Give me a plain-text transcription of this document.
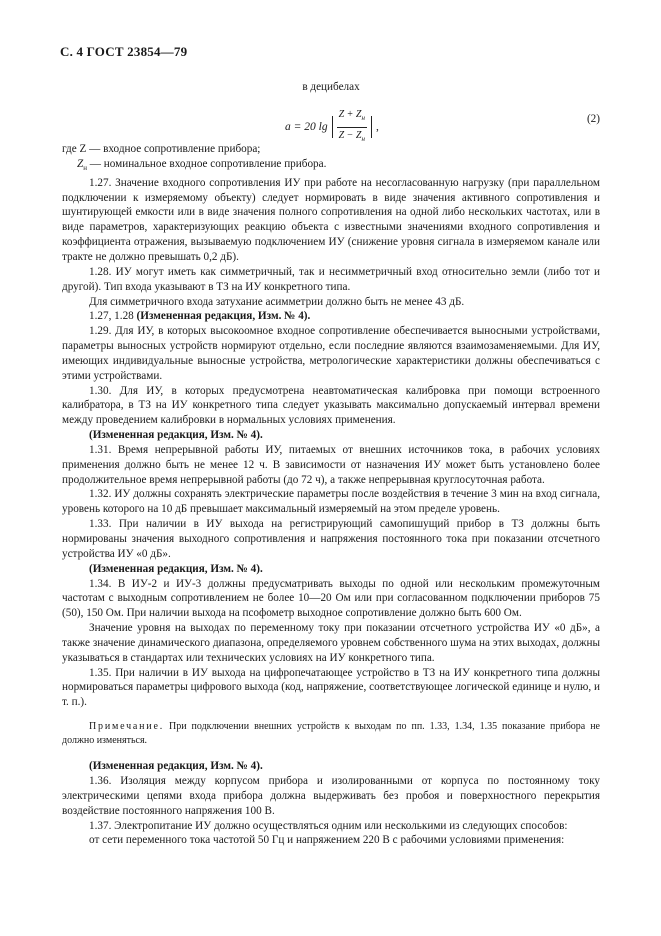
С. 4 ГОСТ 23854—79

в децибелах

a = 20 $\lg \frac{Z + Z_н}{Z - Z_н}$ ,
(2)

где Z — входное сопротивление прибора;

$Z_н$ — номинальное входное сопротивление прибора.

1.27. Значение входного сопротивления ИУ при работе на несогласованную нагрузку (при параллельном подключении к измеряемому объекту) следует нормировать в виде значения активного сопротивления и шунтирующей емкости или в виде значения полного сопротивления на одной либо нескольких частотах, или в виде параметров, характеризующих реакцию объекта с известными значениями входного сопротивления и коэффициента отражения, вызываемую подключением ИУ (снижение уровня сигнала в измеряемом канале или тракте не должно превышать 0,2 дБ).

1.28. ИУ могут иметь как симметричный, так и несимметричный вход относительно земли (либо тот и другой). Тип входа указывают в ТЗ на ИУ конкретного типа.

Для симметричного входа затухание асимметрии должно быть не менее 43 дБ.

1.27, 1.28 (Измененная редакция, Изм. № 4).

1.29. Для ИУ, в которых высокоомное входное сопротивление обеспечивается выносными устройствами, параметры выносных устройств нормируют отдельно, если последние являются взаимозаменяемыми. Для ИУ, имеющих индивидуальные выносные устройства, метрологические характеристики должны обеспечиваться с этими устройствами.

1.30. Для ИУ, в которых предусмотрена неавтоматическая калибровка при помощи встроенного калибратора, в ТЗ на ИУ конкретного типа следует указывать максимально допускаемый интервал времени между проведением калибровки в нормальных условиях применения.

(Измененная редакция, Изм. № 4).

1.31. Время непрерывной работы ИУ, питаемых от внешних источников тока, в рабочих условиях применения должно быть не менее 12 ч. В зависимости от назначения ИУ может быть установлено более продолжительное время непрерывной работы (до 72 ч), а также непрерывная круглосуточная работа.

1.32. ИУ должны сохранять электрические параметры после воздействия в течение 3 мин на вход сигнала, уровень которого на 10 дБ превышает максимальный измеряемый на этом пределе уровень.

1.33. При наличии в ИУ выхода на регистрирующий самопишущий прибор в ТЗ должны быть нормированы значения выходного сопротивления и напряжения постоянного тока при показании отсчетного устройства ИУ «0 дБ».

(Измененная редакция, Изм. № 4).

1.34. В ИУ-2 и ИУ-3 должны предусматривать выходы по одной или нескольким промежуточным частотам с выходным сопротивлением не более 10—20 Ом или при согласованном подключении приборов 75 (50), 150 Ом. При наличии выхода на псофометр выходное сопротивление должно быть 600 Ом.

Значение уровня на выходах по переменному току при показании отсчетного устройства ИУ «0 дБ», а также значение динамического диапазона, определяемого уровнем собственного шума на этих выходах, должны указываться в стандартах или технических условиях на ИУ конкретного типа.

1.35. При наличии в ИУ выхода на цифропечатающее устройство в ТЗ на ИУ конкретного типа должны нормироваться параметры цифрового выхода (код, напряжение, соответствующее логической единице и нулю, и т. п.).

Примечание. При подключении внешних устройств к выходам по пп. 1.33, 1.34, 1.35 показание прибора не должно изменяться.

(Измененная редакция, Изм. № 4).

1.36. Изоляция между корпусом прибора и изолированными от корпуса по постоянному току электрическими цепями входа прибора должна выдерживать без пробоя и поверхностного перекрытия воздействие постоянного напряжения 100 В.

1.37. Электропитание ИУ должно осуществляться одним или несколькими из следующих способов:

от сети переменного тока частотой 50 Гц и напряжением 220 В с рабочими условиями применения:
